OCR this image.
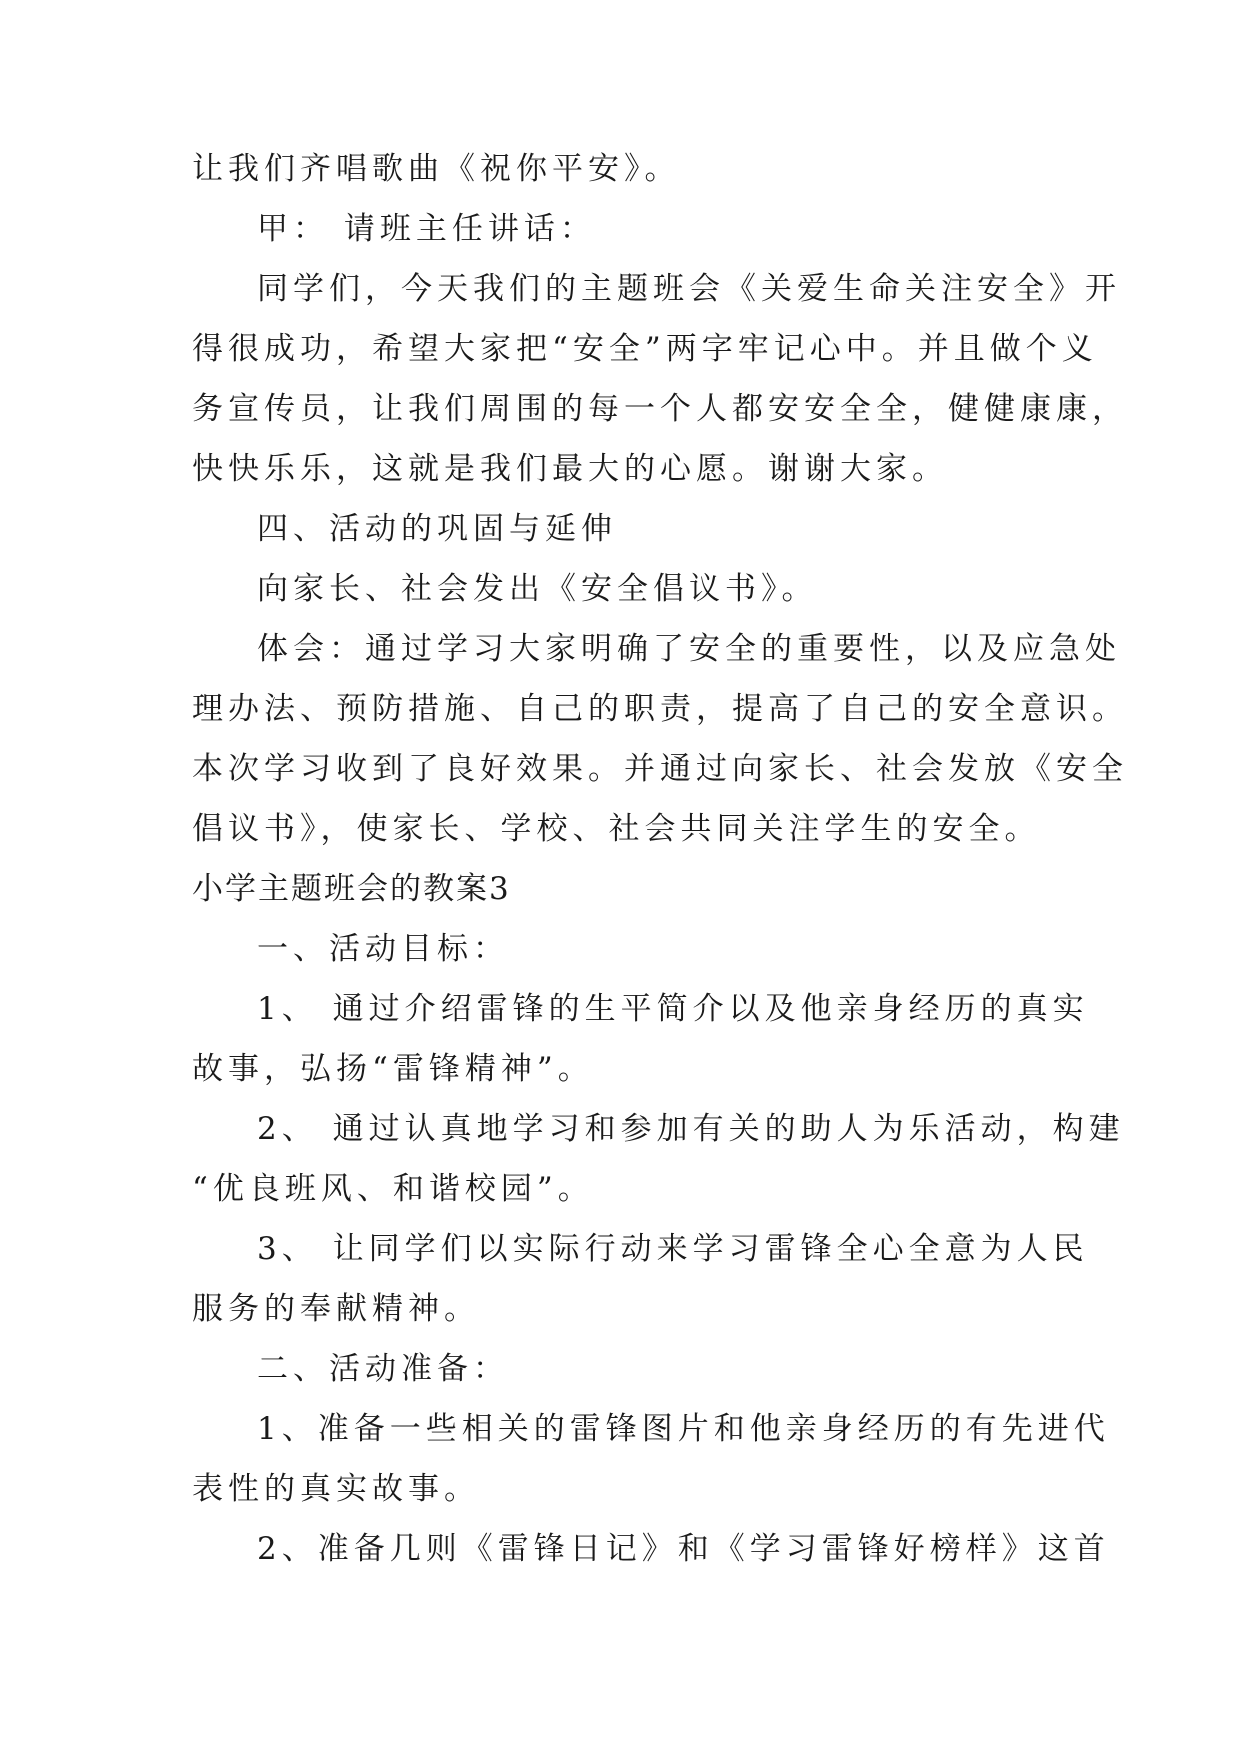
让我们齐唱歌曲《祝你平安》。
甲： 请班主任讲话：
同学们，今天我们的主题班会《关爱生命关注安全》开
得很成功，希望大家把“安全”两字牢记心中。并且做个义
务宣传员，让我们周围的每一个人都安安全全，健健康康，
快快乐乐，这就是我们最大的心愿。谢谢大家。
四、活动的巩固与延伸
向家长、社会发出《安全倡议书》。
体会：通过学习大家明确了安全的重要性，以及应急处
理办法、预防措施、自己的职责，提高了自己的安全意识。
本次学习收到了良好效果。并通过向家长、社会发放《安全
倡议书》，使家长、学校、社会共同关注学生的安全。
小学主题班会的教案3
一、活动目标：
1、 通过介绍雷锋的生平简介以及他亲身经历的真实
故事，弘扬“雷锋精神”。
2、 通过认真地学习和参加有关的助人为乐活动，构建
“优良班风、和谐校园”。
3、 让同学们以实际行动来学习雷锋全心全意为人民
服务的奉献精神。
二、活动准备：
1、准备一些相关的雷锋图片和他亲身经历的有先进代
表性的真实故事。
2、准备几则《雷锋日记》和《学习雷锋好榜样》这首
